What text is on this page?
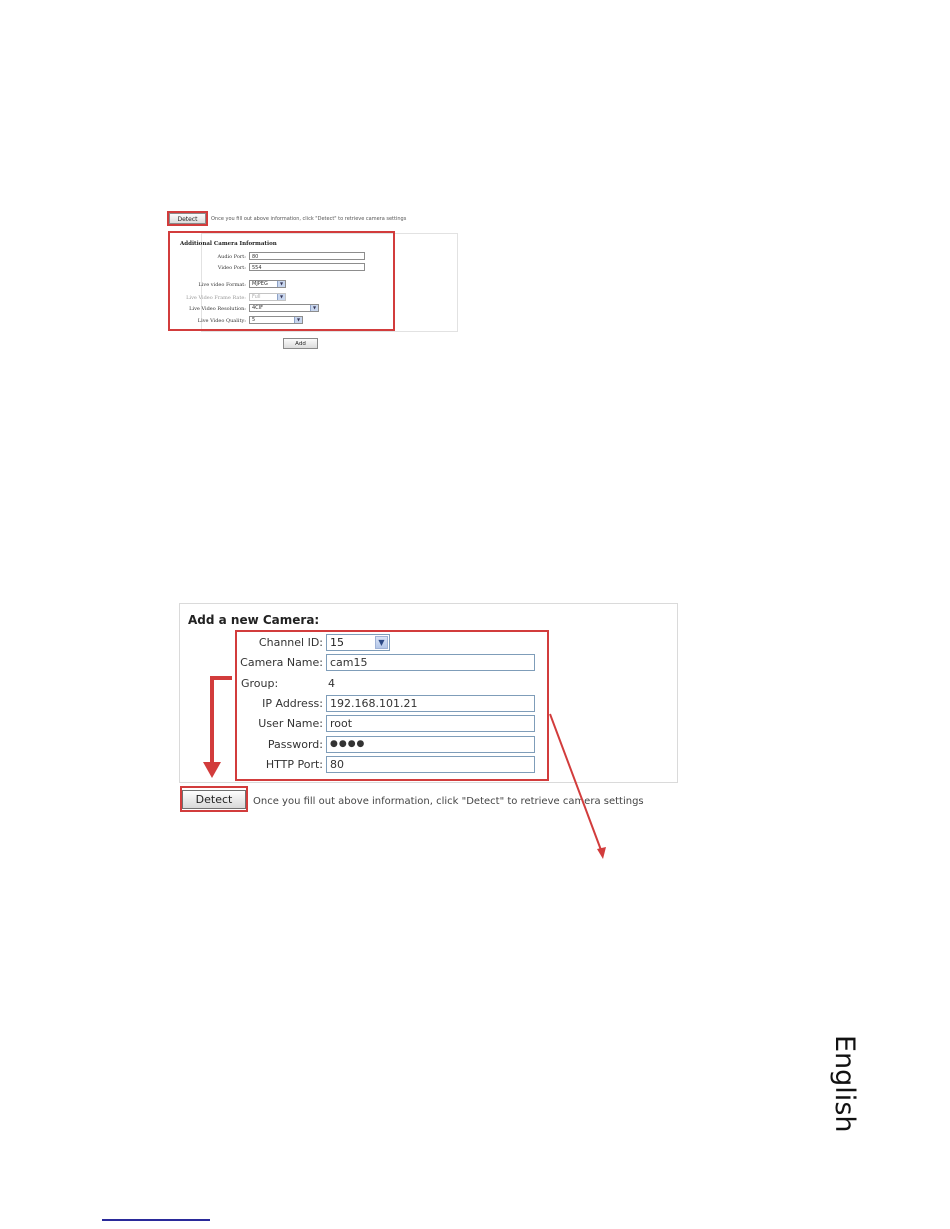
Detect	Once you fill out above information, click "Detect" to retrieve camera settings
Additional Camera Information
Audio Port:	80
Video Port:	554
Live video Format:	MJPEG	▼
Live Video Frame Rate:	Full	▼
Live Video Resolution:	4CIF	▼
Live Video Quality:	5	▼
Add
Add a new Camera:
Channel ID: 15	▼
Camera Name: cam15
Group:	4
IP Address: 192.168.101.21
User Name: root
Password: ●●●●
HTTP Port: 80
Detect	Once you fill out above information, click "Detect" to retrieve camera settings
English
